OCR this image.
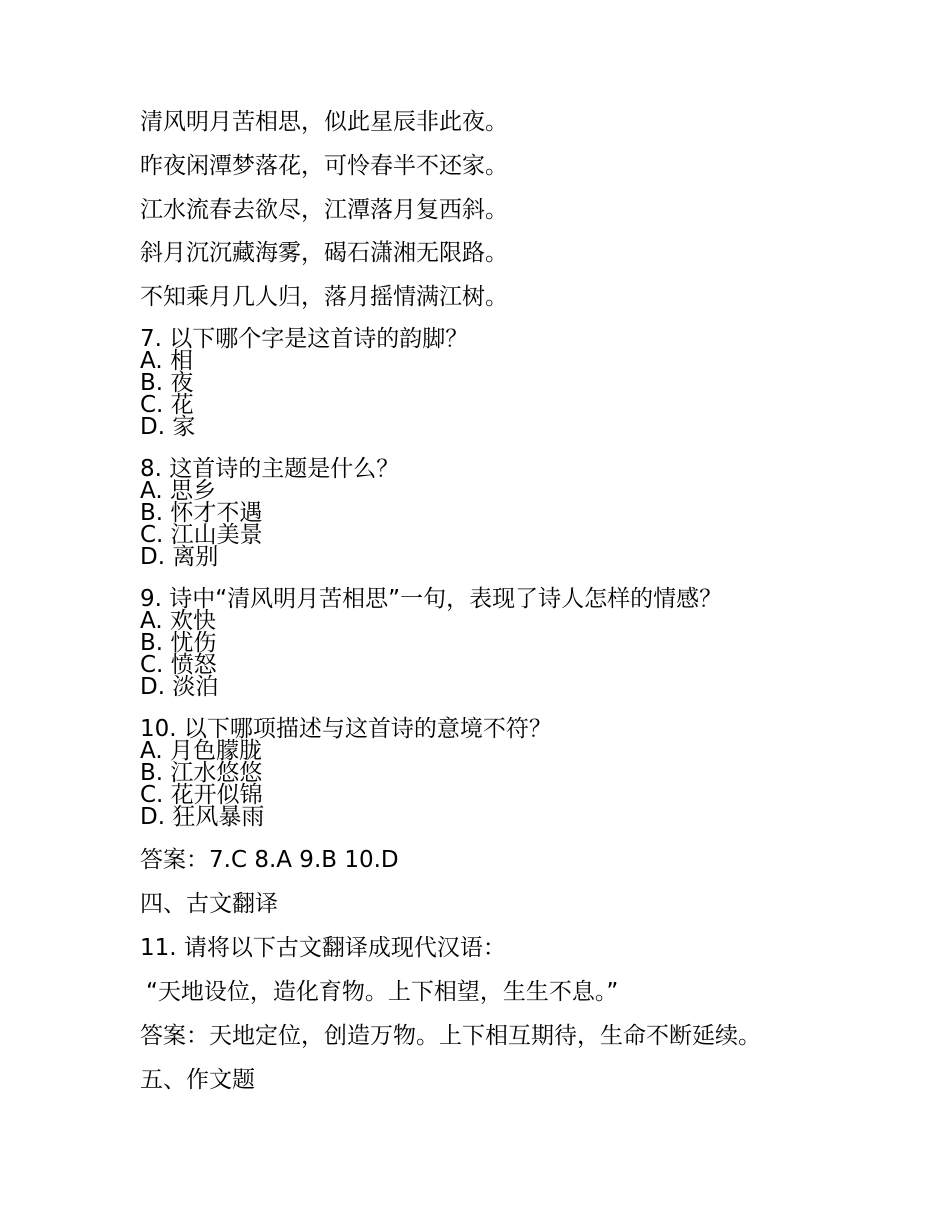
清风明月苦相思，似此星辰非此夜。
昨夜闲潭梦落花，可怜春半不还家。
江水流春去欲尽，江潭落月复西斜。
斜月沉沉藏海雾，碣石潇湘无限路。
不知乘月几人归，落月摇情满江树。
7. 以下哪个字是这首诗的韵脚？
A. 相
B. 夜
C. 花
D. 家
8. 这首诗的主题是什么？
A. 思乡
B. 怀才不遇
C. 江山美景
D. 离别
9. 诗中“清风明月苦相思”一句，表现了诗人怎样的情感？
A. 欢快
B. 忧伤
C. 愤怒
D. 淡泊
10. 以下哪项描述与这首诗的意境不符？
A. 月色朦胧
B. 江水悠悠
C. 花开似锦
D. 狂风暴雨
答案：7.C 8.A 9.B 10.D
四、古文翻译
11. 请将以下古文翻译成现代汉语：
“天地设位，造化育物。上下相望，生生不息。”
答案：天地定位，创造万物。上下相互期待，生命不断延续。
五、作文题
